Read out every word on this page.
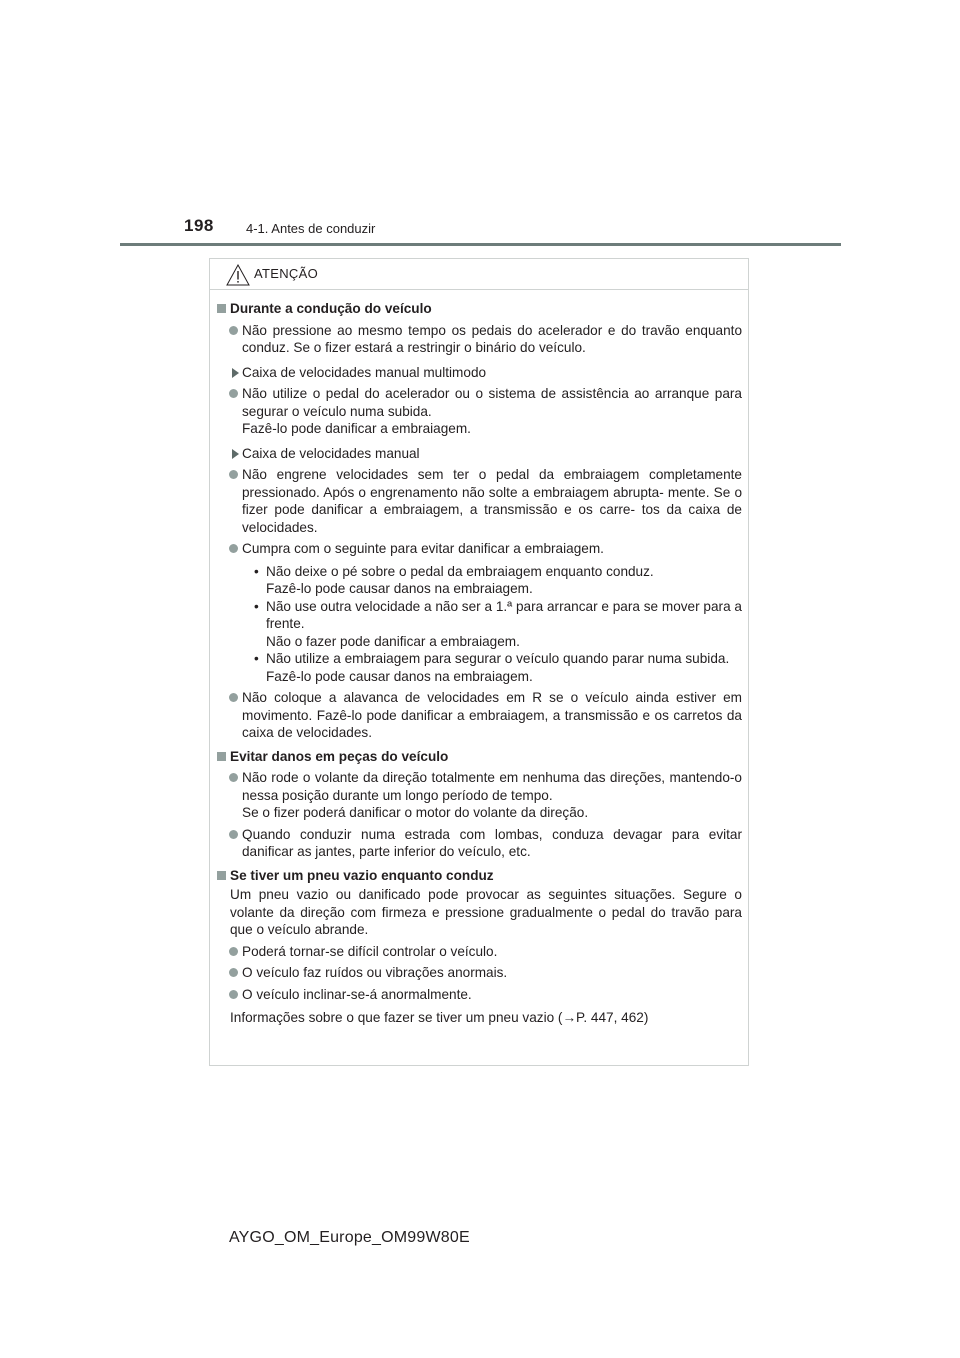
198 4-1. Antes de conduzir
ATENÇÃO
Durante a condução do veículo
Não pressione ao mesmo tempo os pedais do acelerador e do travão enquanto conduz. Se o fizer estará a restringir o binário do veículo.
Caixa de velocidades manual multimodo
Não utilize o pedal do acelerador ou o sistema de assistência ao arranque para segurar o veículo numa subida.
Fazê-lo pode danificar a embraiagem.
Caixa de velocidades manual
Não engrene velocidades sem ter o pedal da embraiagem completamente pressionado. Após o engrenamento não solte a embraiagem abrupta- mente. Se o fizer pode danificar a embraiagem, a transmissão e os carre- tos da caixa de velocidades.
Cumpra com o seguinte para evitar danificar a embraiagem.
• Não deixe o pé sobre o pedal da embraiagem enquanto conduz.
Fazê-lo pode causar danos na embraiagem.
• Não use outra velocidade a não ser a 1.ª para arrancar e para se mover para a frente.
Não o fazer pode danificar a embraiagem.
• Não utilize a embraiagem para segurar o veículo quando parar numa subida.
Fazê-lo pode causar danos na embraiagem.
Não coloque a alavanca de velocidades em R se o veículo ainda estiver em movimento. Fazê-lo pode danificar a embraiagem, a transmissão e os carretos da caixa de velocidades.
Evitar danos em peças do veículo
Não rode o volante da direção totalmente em nenhuma das direções, mantendo-o nessa posição durante um longo período de tempo.
Se o fizer poderá danificar o motor do volante da direção.
Quando conduzir numa estrada com lombas, conduza devagar para evitar danificar as jantes, parte inferior do veículo, etc.
Se tiver um pneu vazio enquanto conduz
Um pneu vazio ou danificado pode provocar as seguintes situações. Segure o volante da direção com firmeza e pressione gradualmente o pedal do travão para que o veículo abrande.
Poderá tornar-se difícil controlar o veículo.
O veículo faz ruídos ou vibrações anormais.
O veículo inclinar-se-á anormalmente.
Informações sobre o que fazer se tiver um pneu vazio (→P. 447, 462)
AYGO_OM_Europe_OM99W80E
